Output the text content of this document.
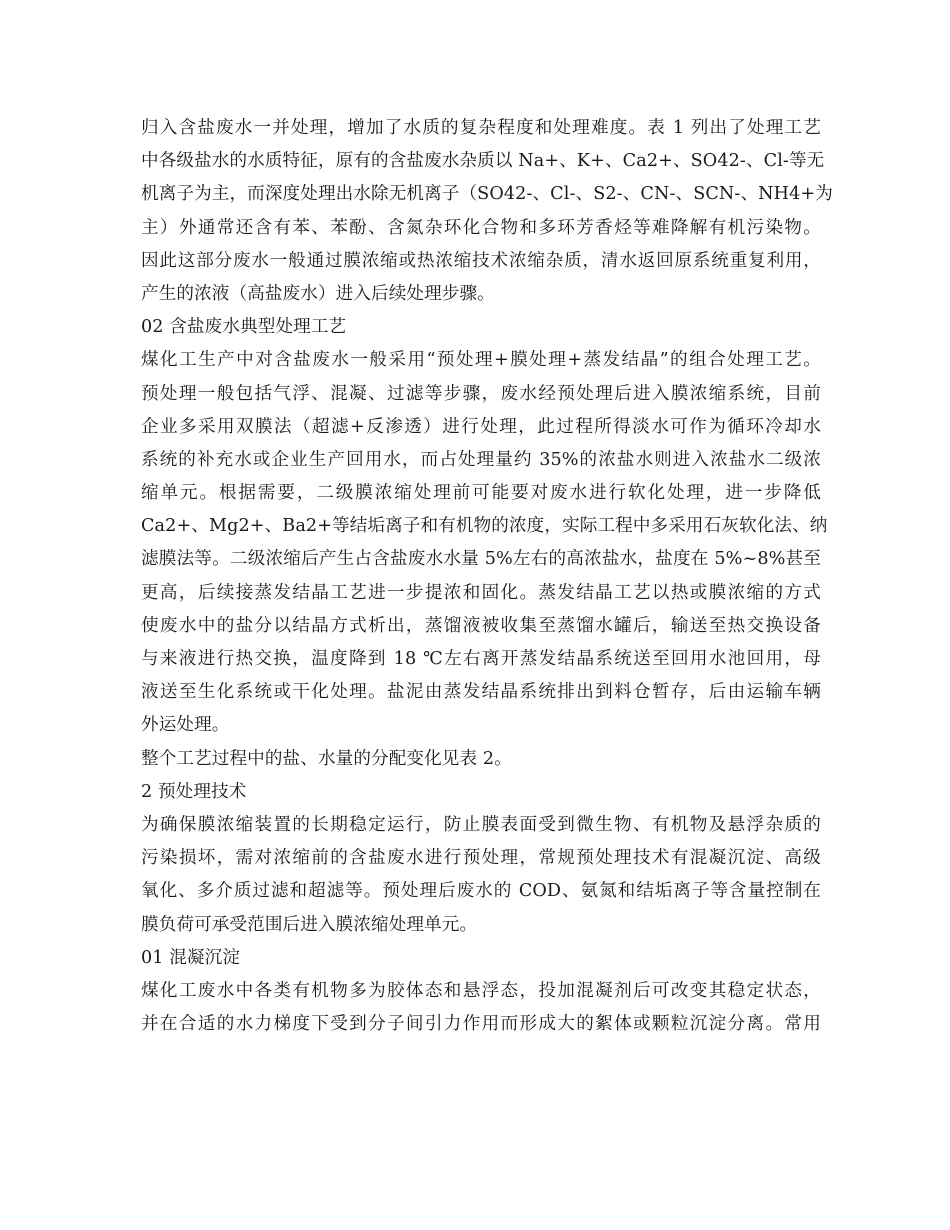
归入含盐废水一并处理，增加了水质的复杂程度和处理难度。表 1 列出了处理工艺
中各级盐水的水质特征，原有的含盐废水杂质以 Na+、K+、Ca2+、SO42-、Cl-等无
机离子为主，而深度处理出水除无机离子（SO42-、Cl-、S2-、CN-、SCN-、NH4+为
主）外通常还含有苯、苯酚、含氮杂环化合物和多环芳香烃等难降解有机污染物。
因此这部分废水一般通过膜浓缩或热浓缩技术浓缩杂质，清水返回原系统重复利用，
产生的浓液（高盐废水）进入后续处理步骤。
02 含盐废水典型处理工艺
煤化工生产中对含盐废水一般采用“预处理+膜处理+蒸发结晶”的组合处理工艺。
预处理一般包括气浮、混凝、过滤等步骤，废水经预处理后进入膜浓缩系统，目前
企业多采用双膜法（超滤+反渗透）进行处理，此过程所得淡水可作为循环冷却水
系统的补充水或企业生产回用水，而占处理量约 35%的浓盐水则进入浓盐水二级浓
缩单元。根据需要，二级膜浓缩处理前可能要对废水进行软化处理，进一步降低
Ca2+、Mg2+、Ba2+等结垢离子和有机物的浓度，实际工程中多采用石灰软化法、纳
滤膜法等。二级浓缩后产生占含盐废水水量 5%左右的高浓盐水，盐度在 5%~8%甚至
更高，后续接蒸发结晶工艺进一步提浓和固化。蒸发结晶工艺以热或膜浓缩的方式
使废水中的盐分以结晶方式析出，蒸馏液被收集至蒸馏水罐后，输送至热交换设备
与来液进行热交换，温度降到 18 ℃左右离开蒸发结晶系统送至回用水池回用，母
液送至生化系统或干化处理。盐泥由蒸发结晶系统排出到料仓暂存，后由运输车辆
外运处理。
整个工艺过程中的盐、水量的分配变化见表 2。
2 预处理技术
为确保膜浓缩装置的长期稳定运行，防止膜表面受到微生物、有机物及悬浮杂质的
污染损坏，需对浓缩前的含盐废水进行预处理，常规预处理技术有混凝沉淀、高级
氧化、多介质过滤和超滤等。预处理后废水的 COD、氨氮和结垢离子等含量控制在
膜负荷可承受范围后进入膜浓缩处理单元。
01 混凝沉淀
煤化工废水中各类有机物多为胶体态和悬浮态，投加混凝剂后可改变其稳定状态，
并在合适的水力梯度下受到分子间引力作用而形成大的絮体或颗粒沉淀分离。常用
